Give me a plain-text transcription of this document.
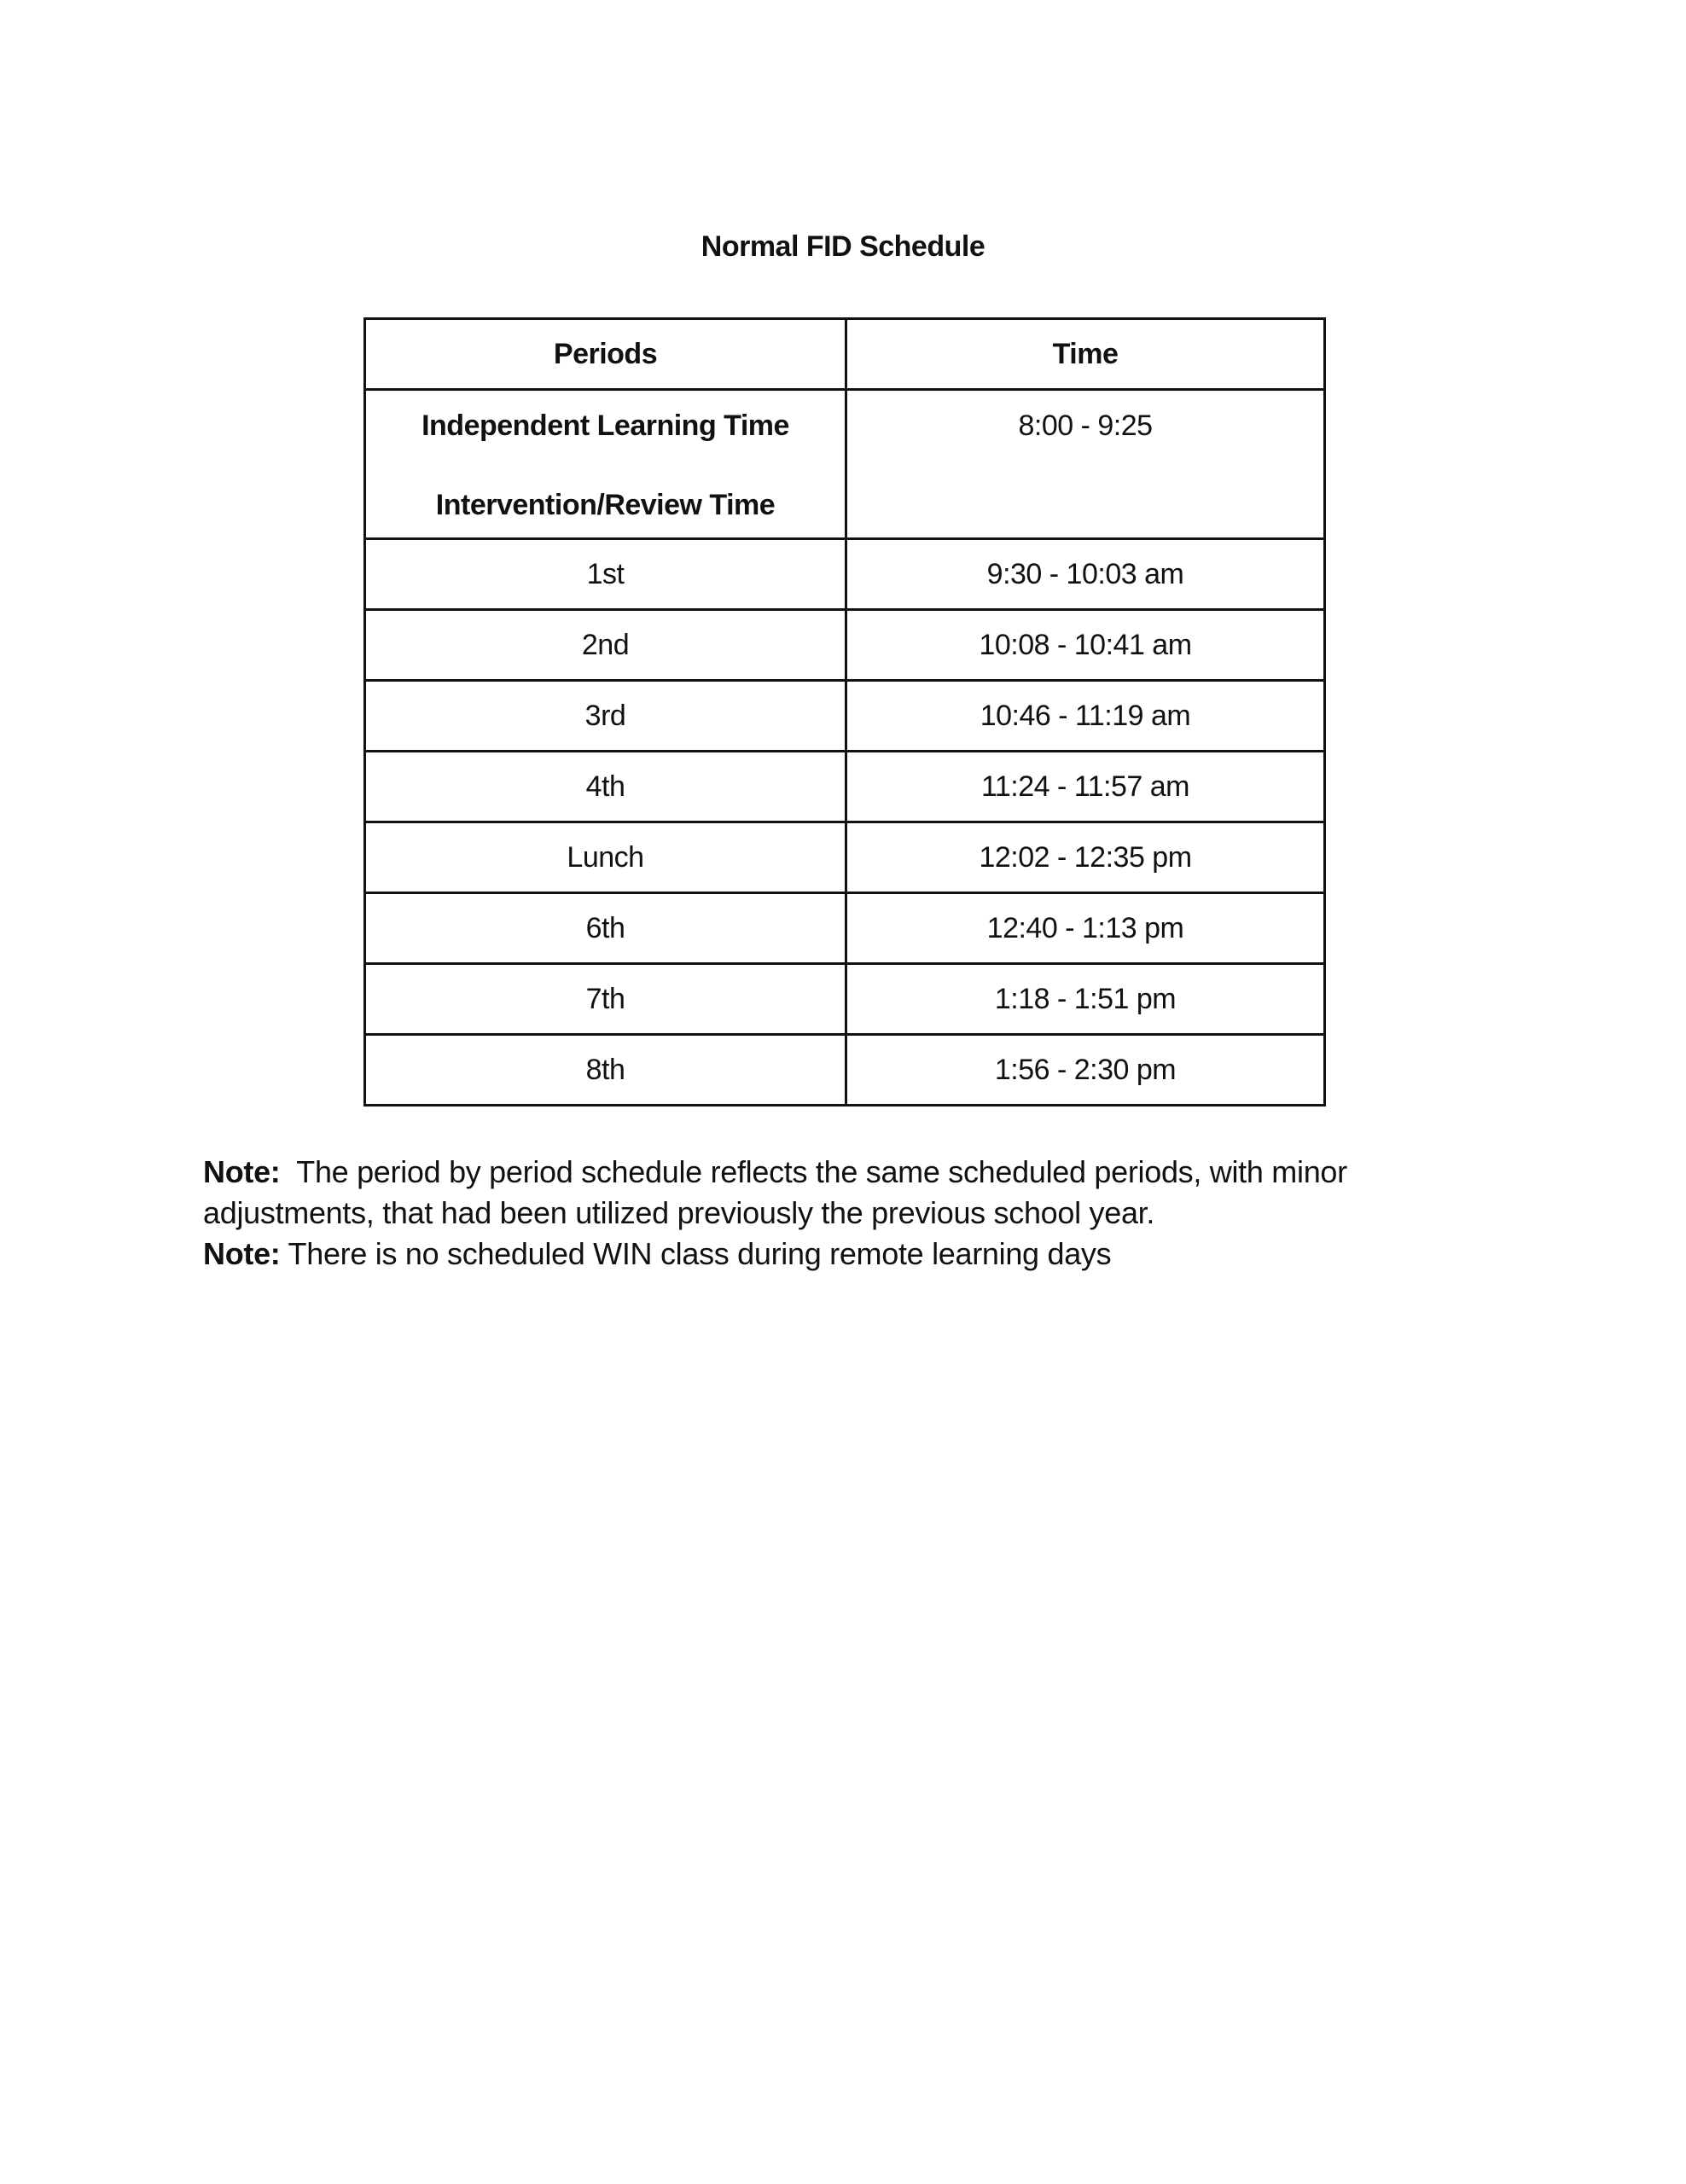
Normal FID Schedule
Periods	Time

Independent Learning Time
Intervention/Review Time	8:00 - 9:25

1st	9:30 - 10:03 am
2nd	10:08 - 10:41 am
3rd	10:46 - 11:19 am
4th	11:24 - 11:57 am
Lunch	12:02 - 12:35 pm
6th	12:40 - 1:13 pm
7th	1:18 - 1:51 pm
8th	1:56 - 2:30 pm

Note:  The period by period schedule reflects the same scheduled periods, with minor adjustments, that had been utilized previously the previous school year.

Note: There is no scheduled WIN class during remote learning days
